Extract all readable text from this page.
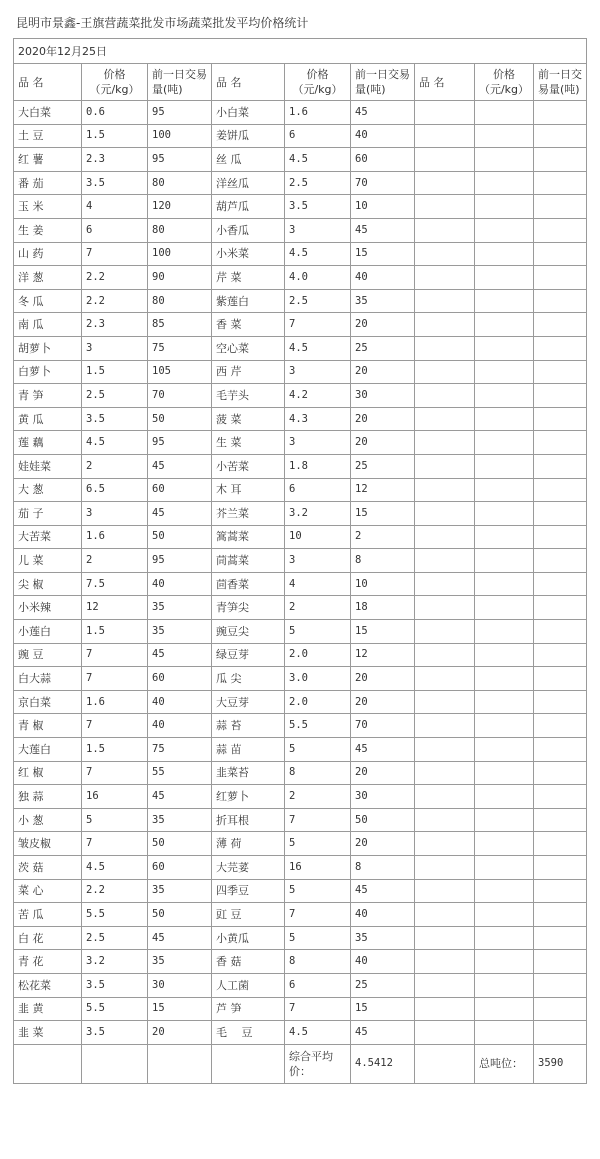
昆明市景鑫-王旗营蔬菜批发市场蔬菜批发平均价格统计								
2020年12月25日								
品 名	价格（元/kg）	前一日交易量(吨)	品 名	价格（元/kg）	前一日交易量(吨)	品 名	价格（元/kg）	前一日交易量(吨)
大白菜	0.6	95	小白菜	1.6	45			
土 豆	1.5	100	姜饼瓜	6	40			
红 薯	2.3	95	丝 瓜	4.5	60			
番 茄	3.5	80	洋丝瓜	2.5	70			
玉 米	4	120	葫芦瓜	3.5	10			
生 姜	6	80	小香瓜	3	45			
山 药	7	100	小米菜	4.5	15			
洋 葱	2.2	90	芹 菜	4.0	40			
冬 瓜	2.2	80	紫莲白	2.5	35			
南 瓜	2.3	85	香 菜	7	20			
胡萝卜	3	75	空心菜	4.5	25			
白萝卜	1.5	105	西 芹	3	20			
青 笋	2.5	70	毛芋头	4.2	30			
黄 瓜	3.5	50	菠 菜	4.3	20			
莲 藕	4.5	95	生 菜	3	20			
娃娃菜	2	45	小苦菜	1.8	25			
大 葱	6.5	60	木 耳	6	12			
茄 子	3	45	芥兰菜	3.2	15			
大苦菜	1.6	50	篙蒿菜	10	2			
儿 菜	2	95	茼蒿菜	3	8			
尖 椒	7.5	40	茴香菜	4	10			
小米辣	12	35	青笋尖	2	18			
小莲白	1.5	35	豌豆尖	5	15			
豌 豆	7	45	绿豆芽	2.0	12			
白大蒜	7	60	瓜 尖	3.0	20			
京白菜	1.6	40	大豆芽	2.0	20			
青 椒	7	40	蒜 苔	5.5	70			
大莲白	1.5	75	蒜 苗	5	45			
红 椒	7	55	韭菜苔	8	20			
独 蒜	16	45	红萝卜	2	30			
小 葱	5	35	折耳根	7	50			
皱皮椒	7	50	薄 荷	5	20			
茨 菇	4.5	60	大芫荽	16	8			
菜 心	2.2	35	四季豆	5	45			
苦 瓜	5.5	50	豇 豆	7	40			
白 花	2.5	45	小黄瓜	5	35			
青 花	3.2	35	香 菇	8	40			
松花菜	3.5	30	人工菌	6	25			
韭 黄	5.5	15	芦 笋	7	15			
韭 菜	3.5	20	毛　 豆	4.5	45			
				综合平均价：	4.5412		总吨位：	3590
